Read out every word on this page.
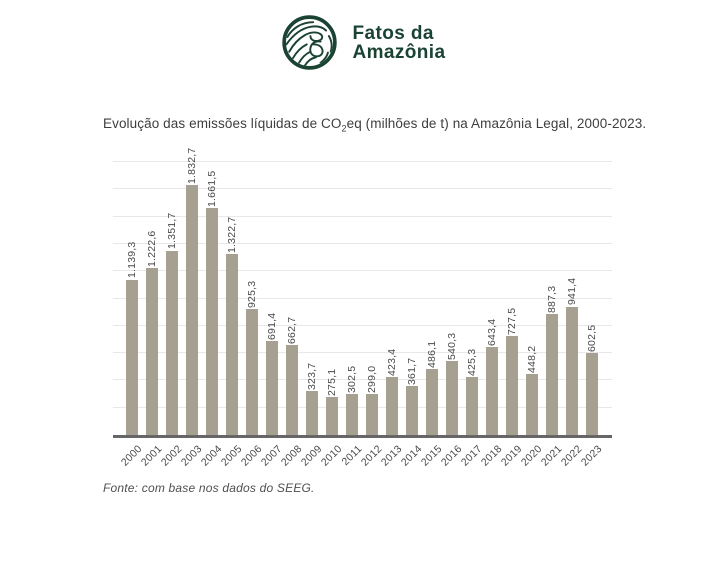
Fatos da
Amazônia
Evolução das emissões líquidas de $CO_2eq$ (milhões de t) na Amazônia Legal, 2000-2023.
1.139,3 1.222,6 1.351,7
1.832,7
1.661,5
1.322,7
925,3
691,4 662,7
323,7 275,1 302,5 299,0
423,4 361,7
486,1 540,3
425,3
643,4 727,5
448,2
887,3 941,4
602,5
2000
2001
2002
2003
2004
2005
2006
2007
2008
2009
2010
2011
2012
2013
2014
2015
2016
2017
2018
2019
2020
2021
2022
2023

Fonte: com base nos dados do SEEG.
